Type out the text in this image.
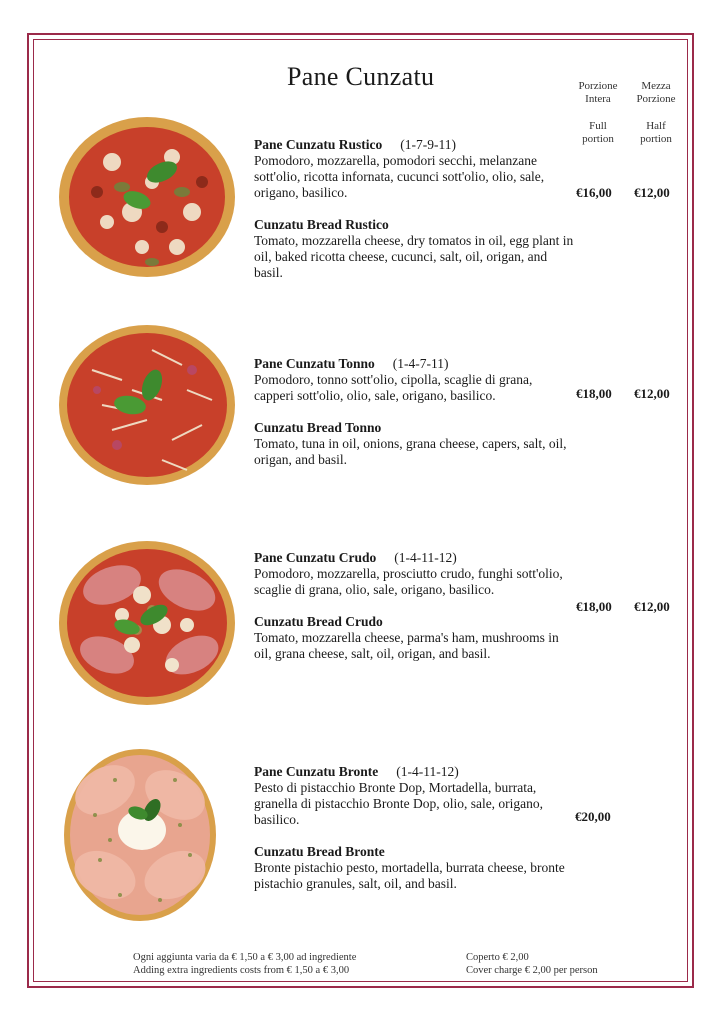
Pane Cunzatu	Porzione
Intera
Mezza
Porzione
Full
portion
Half
portion
Pane Cunzatu Rustico (1-7-9-11)
Pomodoro, mozzarella, pomodori secchi, melanzane sott'olio, ricotta infornata, cucunci sott'olio, olio, sale, origano, basilico.
Cunzatu Bread Rustico
Tomato, mozzarella cheese, dry tomatos in oil, egg plant in oil, baked ricotta cheese, cucunci, salt, oil, origan, and basil.
€16,00 €12,00
Pane Cunzatu Tonno (1-4-7-11)
Pomodoro, tonno sott'olio, cipolla, scaglie di grana, capperi sott'olio, olio, sale, origano, basilico.
Cunzatu Bread Tonno
Tomato, tuna in oil, onions, grana cheese, capers, salt, oil, origan, and basil.
€18,00 €12,00
Pane Cunzatu Crudo (1-4-11-12)
Pomodoro, mozzarella, prosciutto crudo, funghi sott'olio, scaglie di grana, olio, sale, origano, basilico.
Cunzatu Bread Crudo
Tomato, mozzarella cheese, parma's ham, mushrooms in oil, grana cheese, salt, oil, origan, and basil.
€18,00 €12,00
Pane Cunzatu Bronte (1-4-11-12)
Pesto di pistacchio Bronte Dop, Mortadella, burrata, granella di pistacchio Bronte Dop, olio, sale, origano, basilico.
Cunzatu Bread Bronte
Bronte pistachio pesto, mortadella, burrata cheese, bronte pistachio granules, salt, oil, and basil.
€20,00
Ogni aggiunta varia da € 1,50 a € 3,00 ad ingrediente
Adding extra ingredients costs from € 1,50 a € 3,00
Coperto € 2,00
Cover charge € 2,00 per person
